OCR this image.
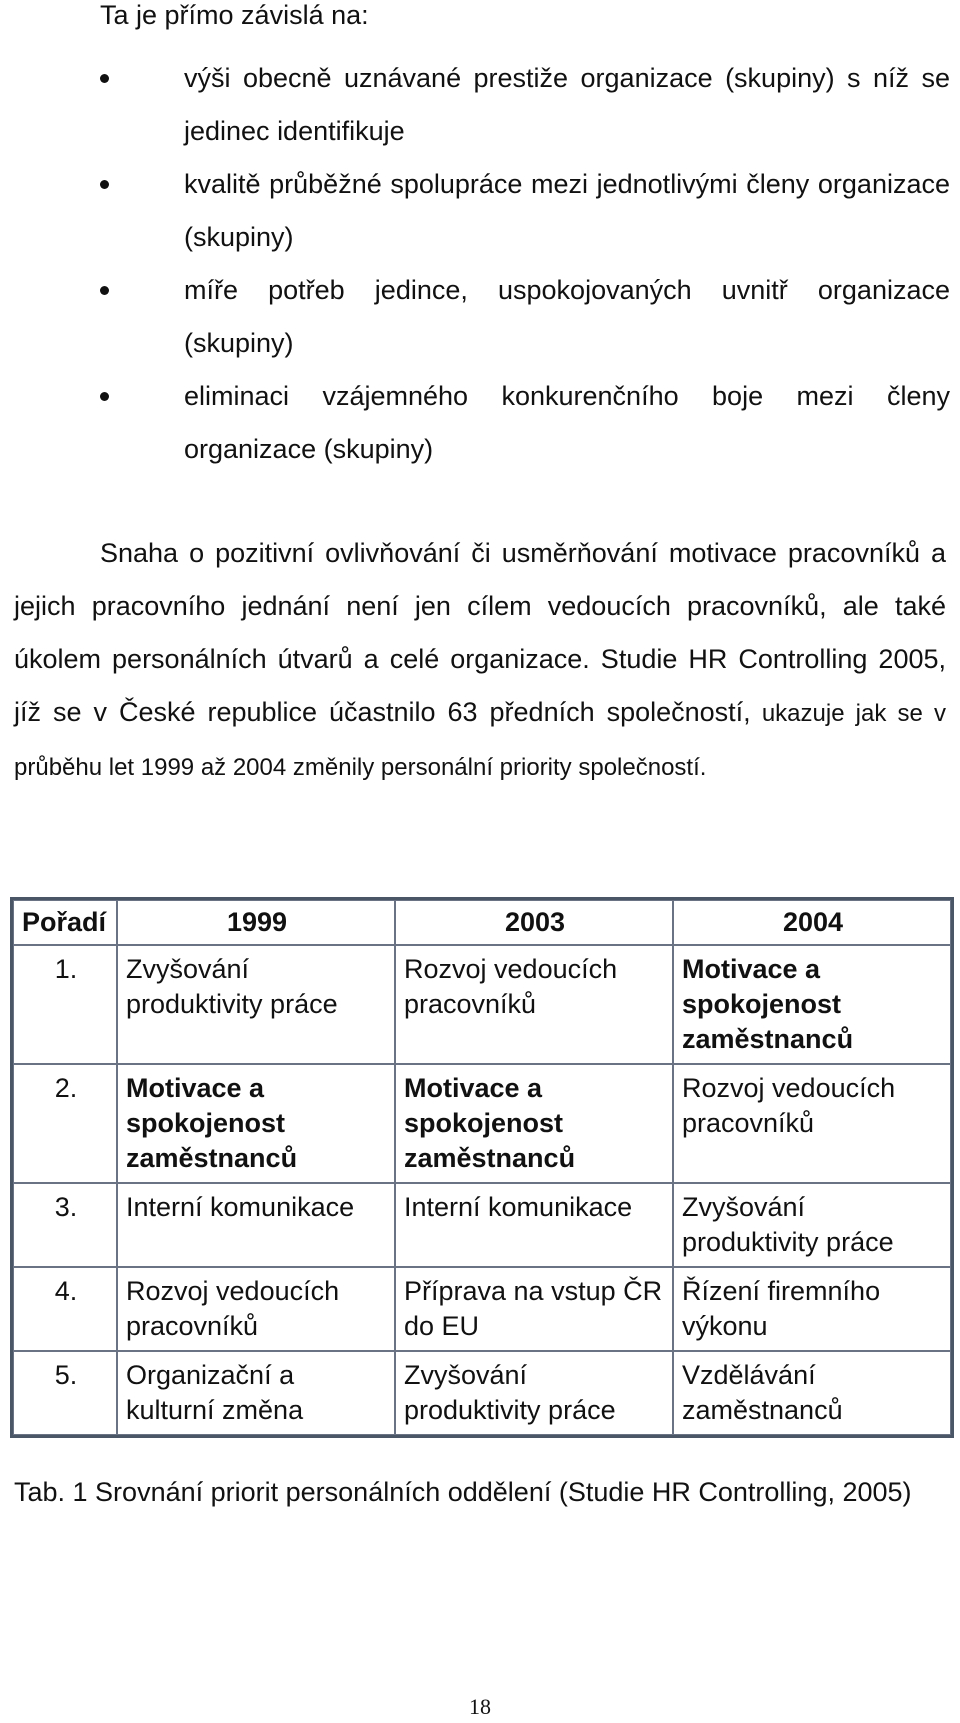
Ta je přímo závislá na:

výši obecně uznávané prestiže organizace (skupiny) s níž se jedinec identifikuje
kvalitě průběžné spolupráce mezi jednotlivými členy organizace (skupiny)
míře potřeb jedince, uspokojovaných uvnitř organizace (skupiny)
eliminaci vzájemného konkurenčního boje mezi členy organizace (skupiny)

Snaha o pozitivní ovlivňování či usměrňování motivace pracovníků a jejich pracovního jednání není jen cílem vedoucích pracovníků, ale také úkolem personálních útvarů a celé organizace. Studie HR Controlling 2005, jíž se v České republice účastnilo 63 předních společností, ukazuje jak se v průběhu let 1999 až 2004 změnily personální priority společností.

Pořadí	1999	2003	2004
1.	Zvyšování produktivity práce	Rozvoj vedoucích pracovníků	Motivace a spokojenost zaměstnanců
2.	Motivace a spokojenost zaměstnanců	Motivace a spokojenost zaměstnanců	Rozvoj vedoucích pracovníků
3.	Interní komunikace	Interní komunikace	Zvyšování produktivity práce
4.	Rozvoj vedoucích pracovníků	Příprava na vstup ČR do EU	Řízení firemního výkonu
5.	Organizační a kulturní změna	Zvyšování produktivity práce	Vzdělávání zaměstnanců

Tab. 1 Srovnání priorit personálních oddělení (Studie HR Controlling, 2005)

18
